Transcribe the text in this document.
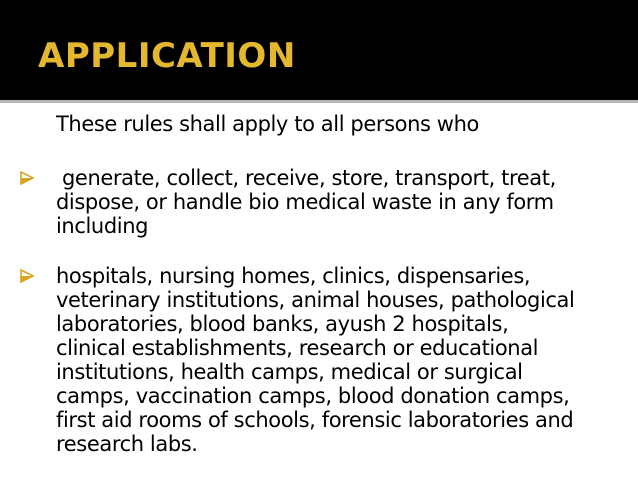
APPLICATION
These rules shall apply to all persons who
generate, collect, receive, store, transport, treat,
dispose, or handle bio medical waste in any form
including
hospitals, nursing homes, clinics, dispensaries,
veterinary institutions, animal houses, pathological
laboratories, blood banks, ayush 2 hospitals,
clinical establishments, research or educational
institutions, health camps, medical or surgical
camps, vaccination camps, blood donation camps,
first aid rooms of schools, forensic laboratories and
research labs.
